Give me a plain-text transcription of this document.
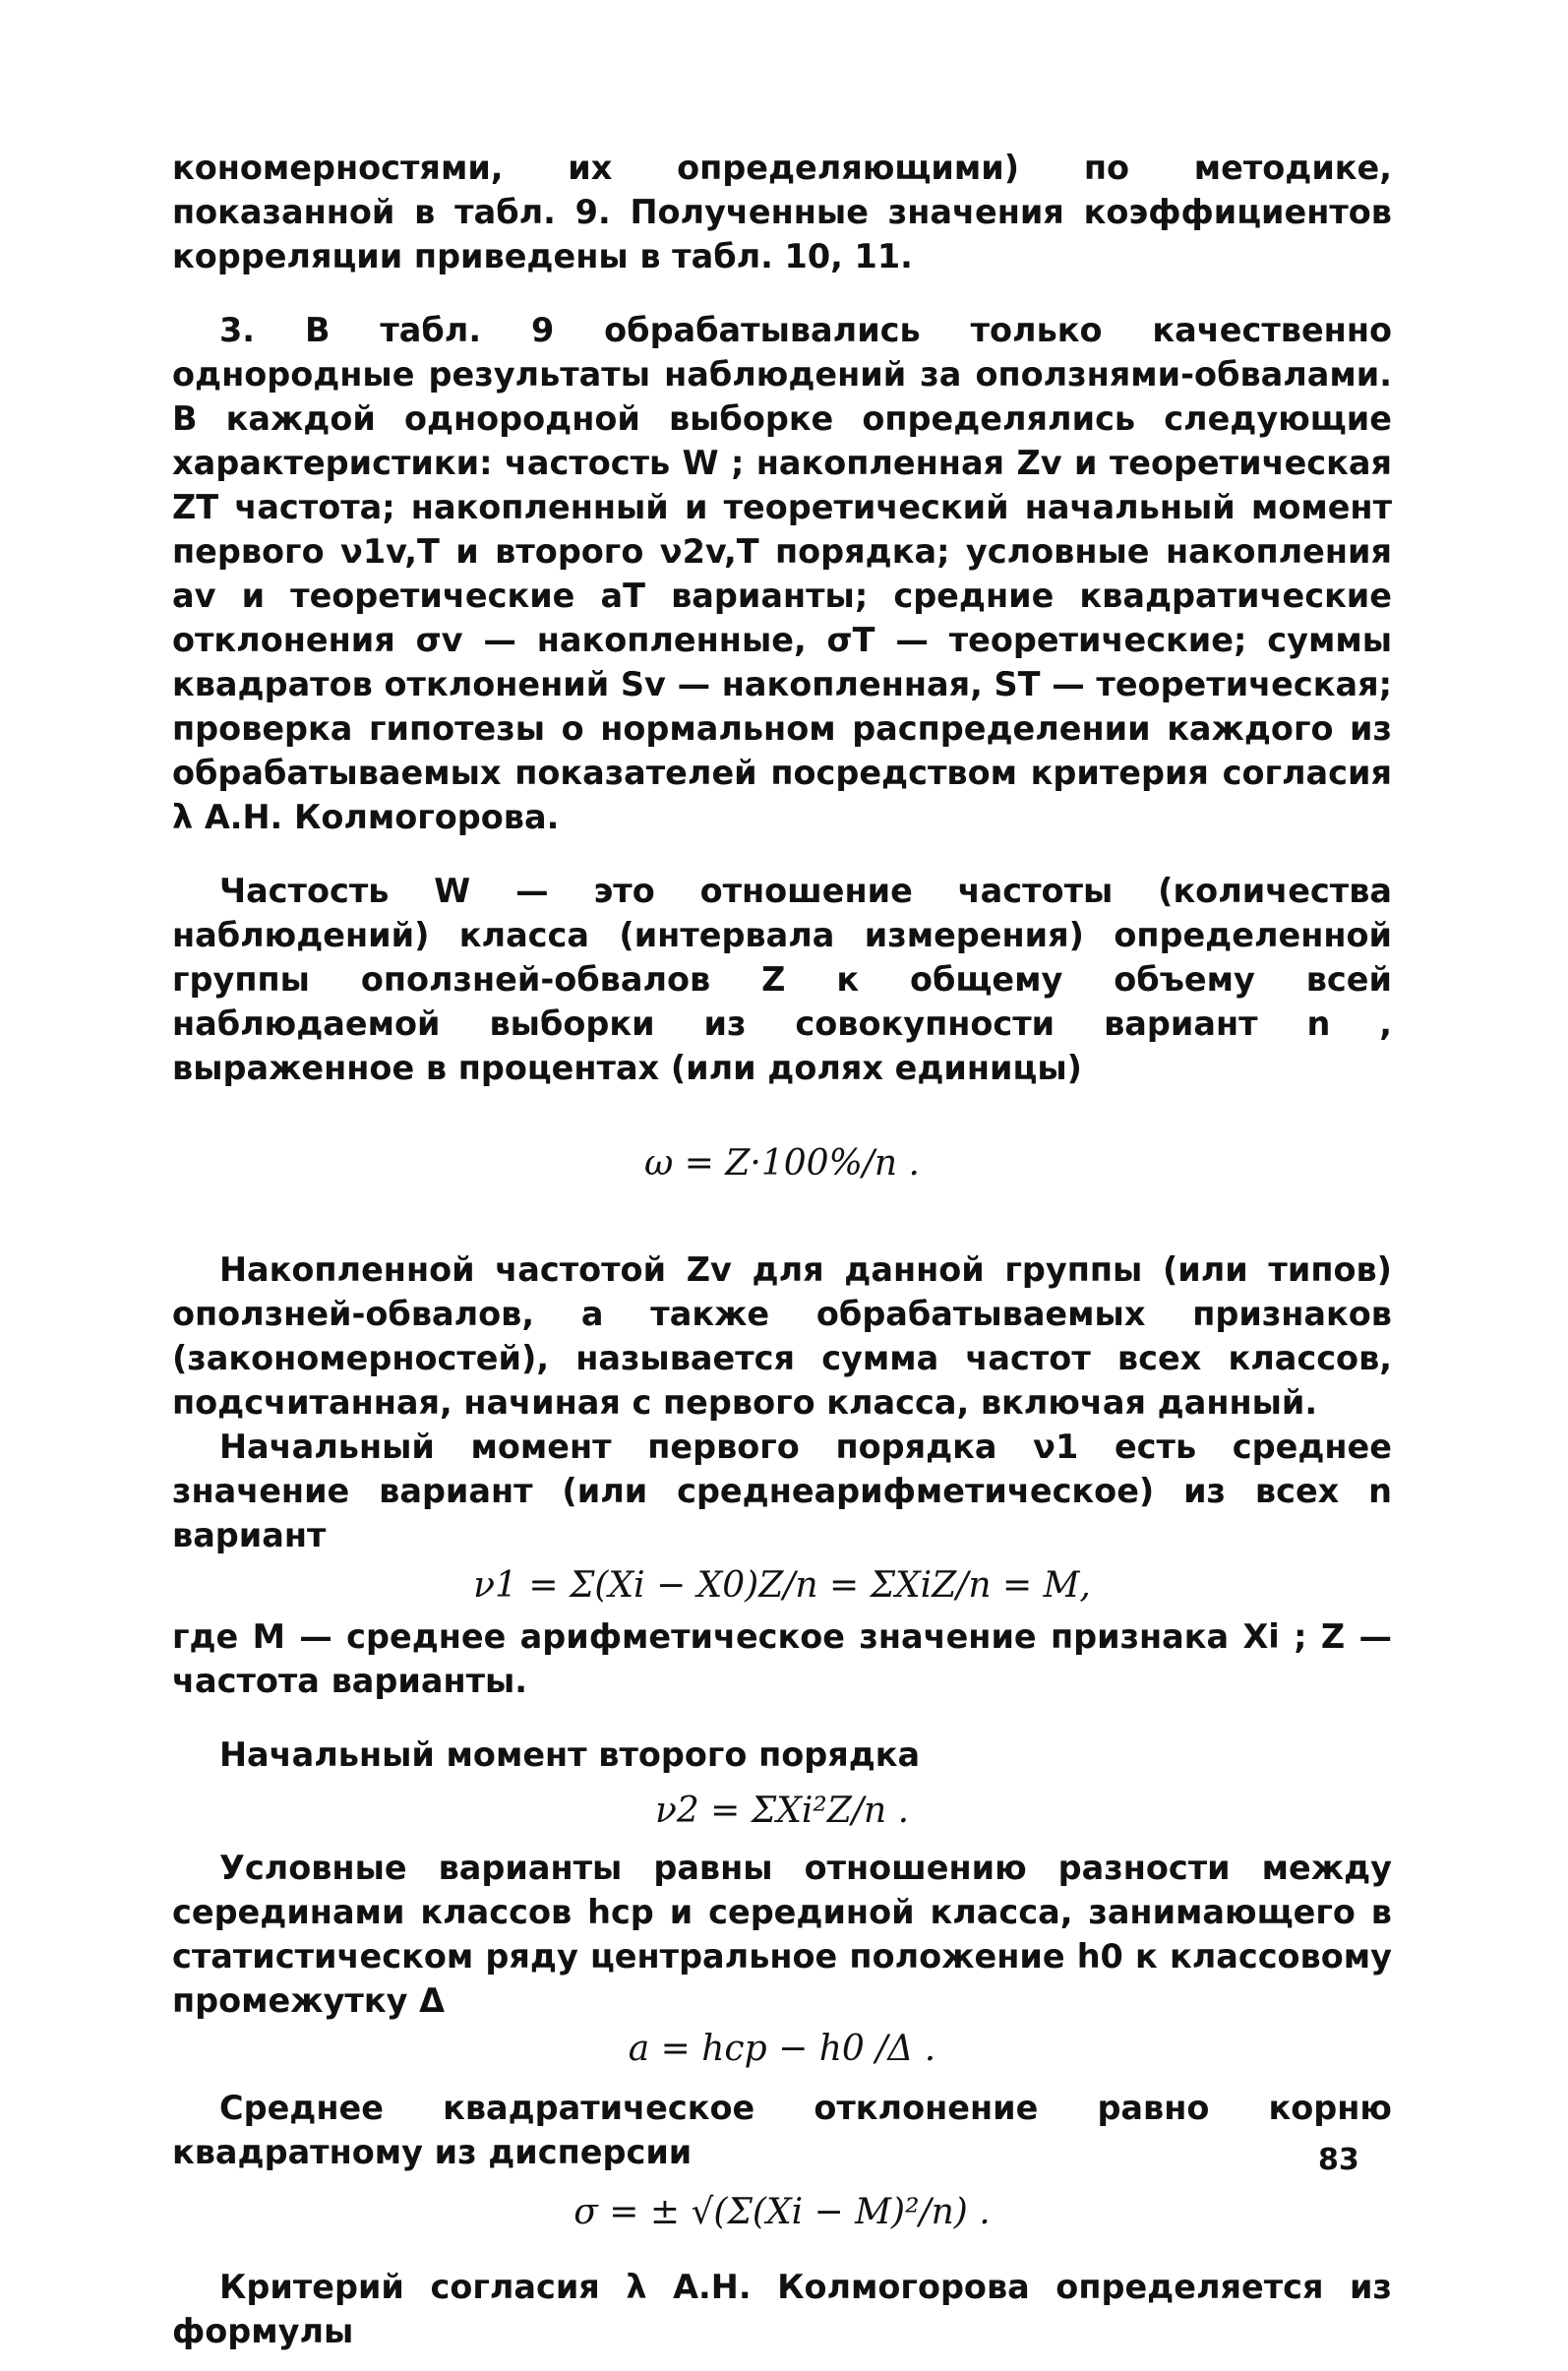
кономерностями, их определяющими) по методике, показанной в табл. 9. Полученные значения коэффициентов корреляции приведены в табл. 10, 11.

3. В табл. 9 обрабатывались только качественно однородные результаты наблюдений за оползнями-обвалами. В каждой однородной выборке определялись следующие характеристики: частость W ; накопленная Zv и теоретическая ZT частота; накопленный и теоретический начальный момент первого ν1v,T и второго ν2v,T порядка; условные накопления av и теоретические aT варианты; средние квадратические отклонения σv — накопленные, σT — теоретические; суммы квадратов отклонений Sv — накопленная, ST — теоретическая; проверка гипотезы о нормальном распределении каждого из обрабатываемых показателей посредством критерия согласия λ А.Н. Колмогорова.

Частость W — это отношение частоты (количества наблюдений) класса (интервала измерения) определенной группы оползней-обвалов Z к общему объему всей наблюдаемой выборки из совокупности вариант n , выраженное в процентах (или долях единицы)

ω = Z·100%/n .

Накопленной частотой Zv для данной группы (или типов) оползней-обвалов, а также обрабатываемых признаков (закономерностей), называется сумма частот всех классов, подсчитанная, начиная с первого класса, включая данный.

Начальный момент первого порядка ν1 есть среднее значение вариант (или среднеарифметическое) из всех n вариант

ν1 = Σ(Xi − X0)Z/n = ΣXiZ/n = M,

где M — среднее арифметическое значение признака Xi ; Z — частота варианты.

Начальный момент второго порядка

ν2 = ΣXi²Z/n .

Условные варианты равны отношению разности между серединами классов hср и серединой класса, занимающего в статистическом ряду центральное положение h0 к классовому промежутку Δ

a = hср − h0 /Δ .

Среднее квадратическое отклонение равно корню квадратному из дисперсии

σ = ± √(Σ(Xi − M)²/n) .

Критерий согласия λ А.Н. Колмогорова определяется из формулы

83
